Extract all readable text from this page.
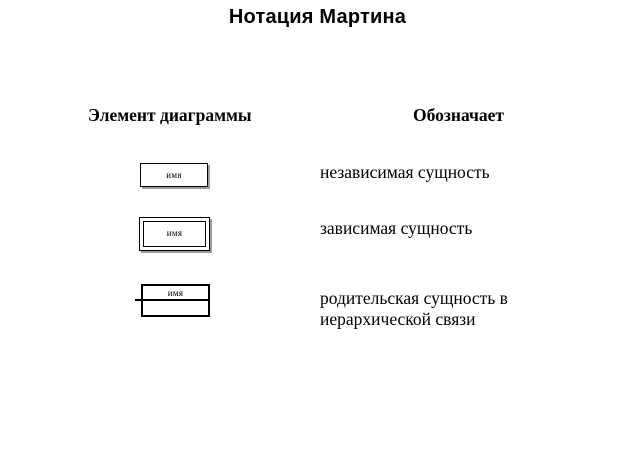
Нотация Мартина
Элемент диаграммы	Обозначает
имя	независимая сущность
имя	зависимая сущность
имя	родительская сущность в иерархической связи
